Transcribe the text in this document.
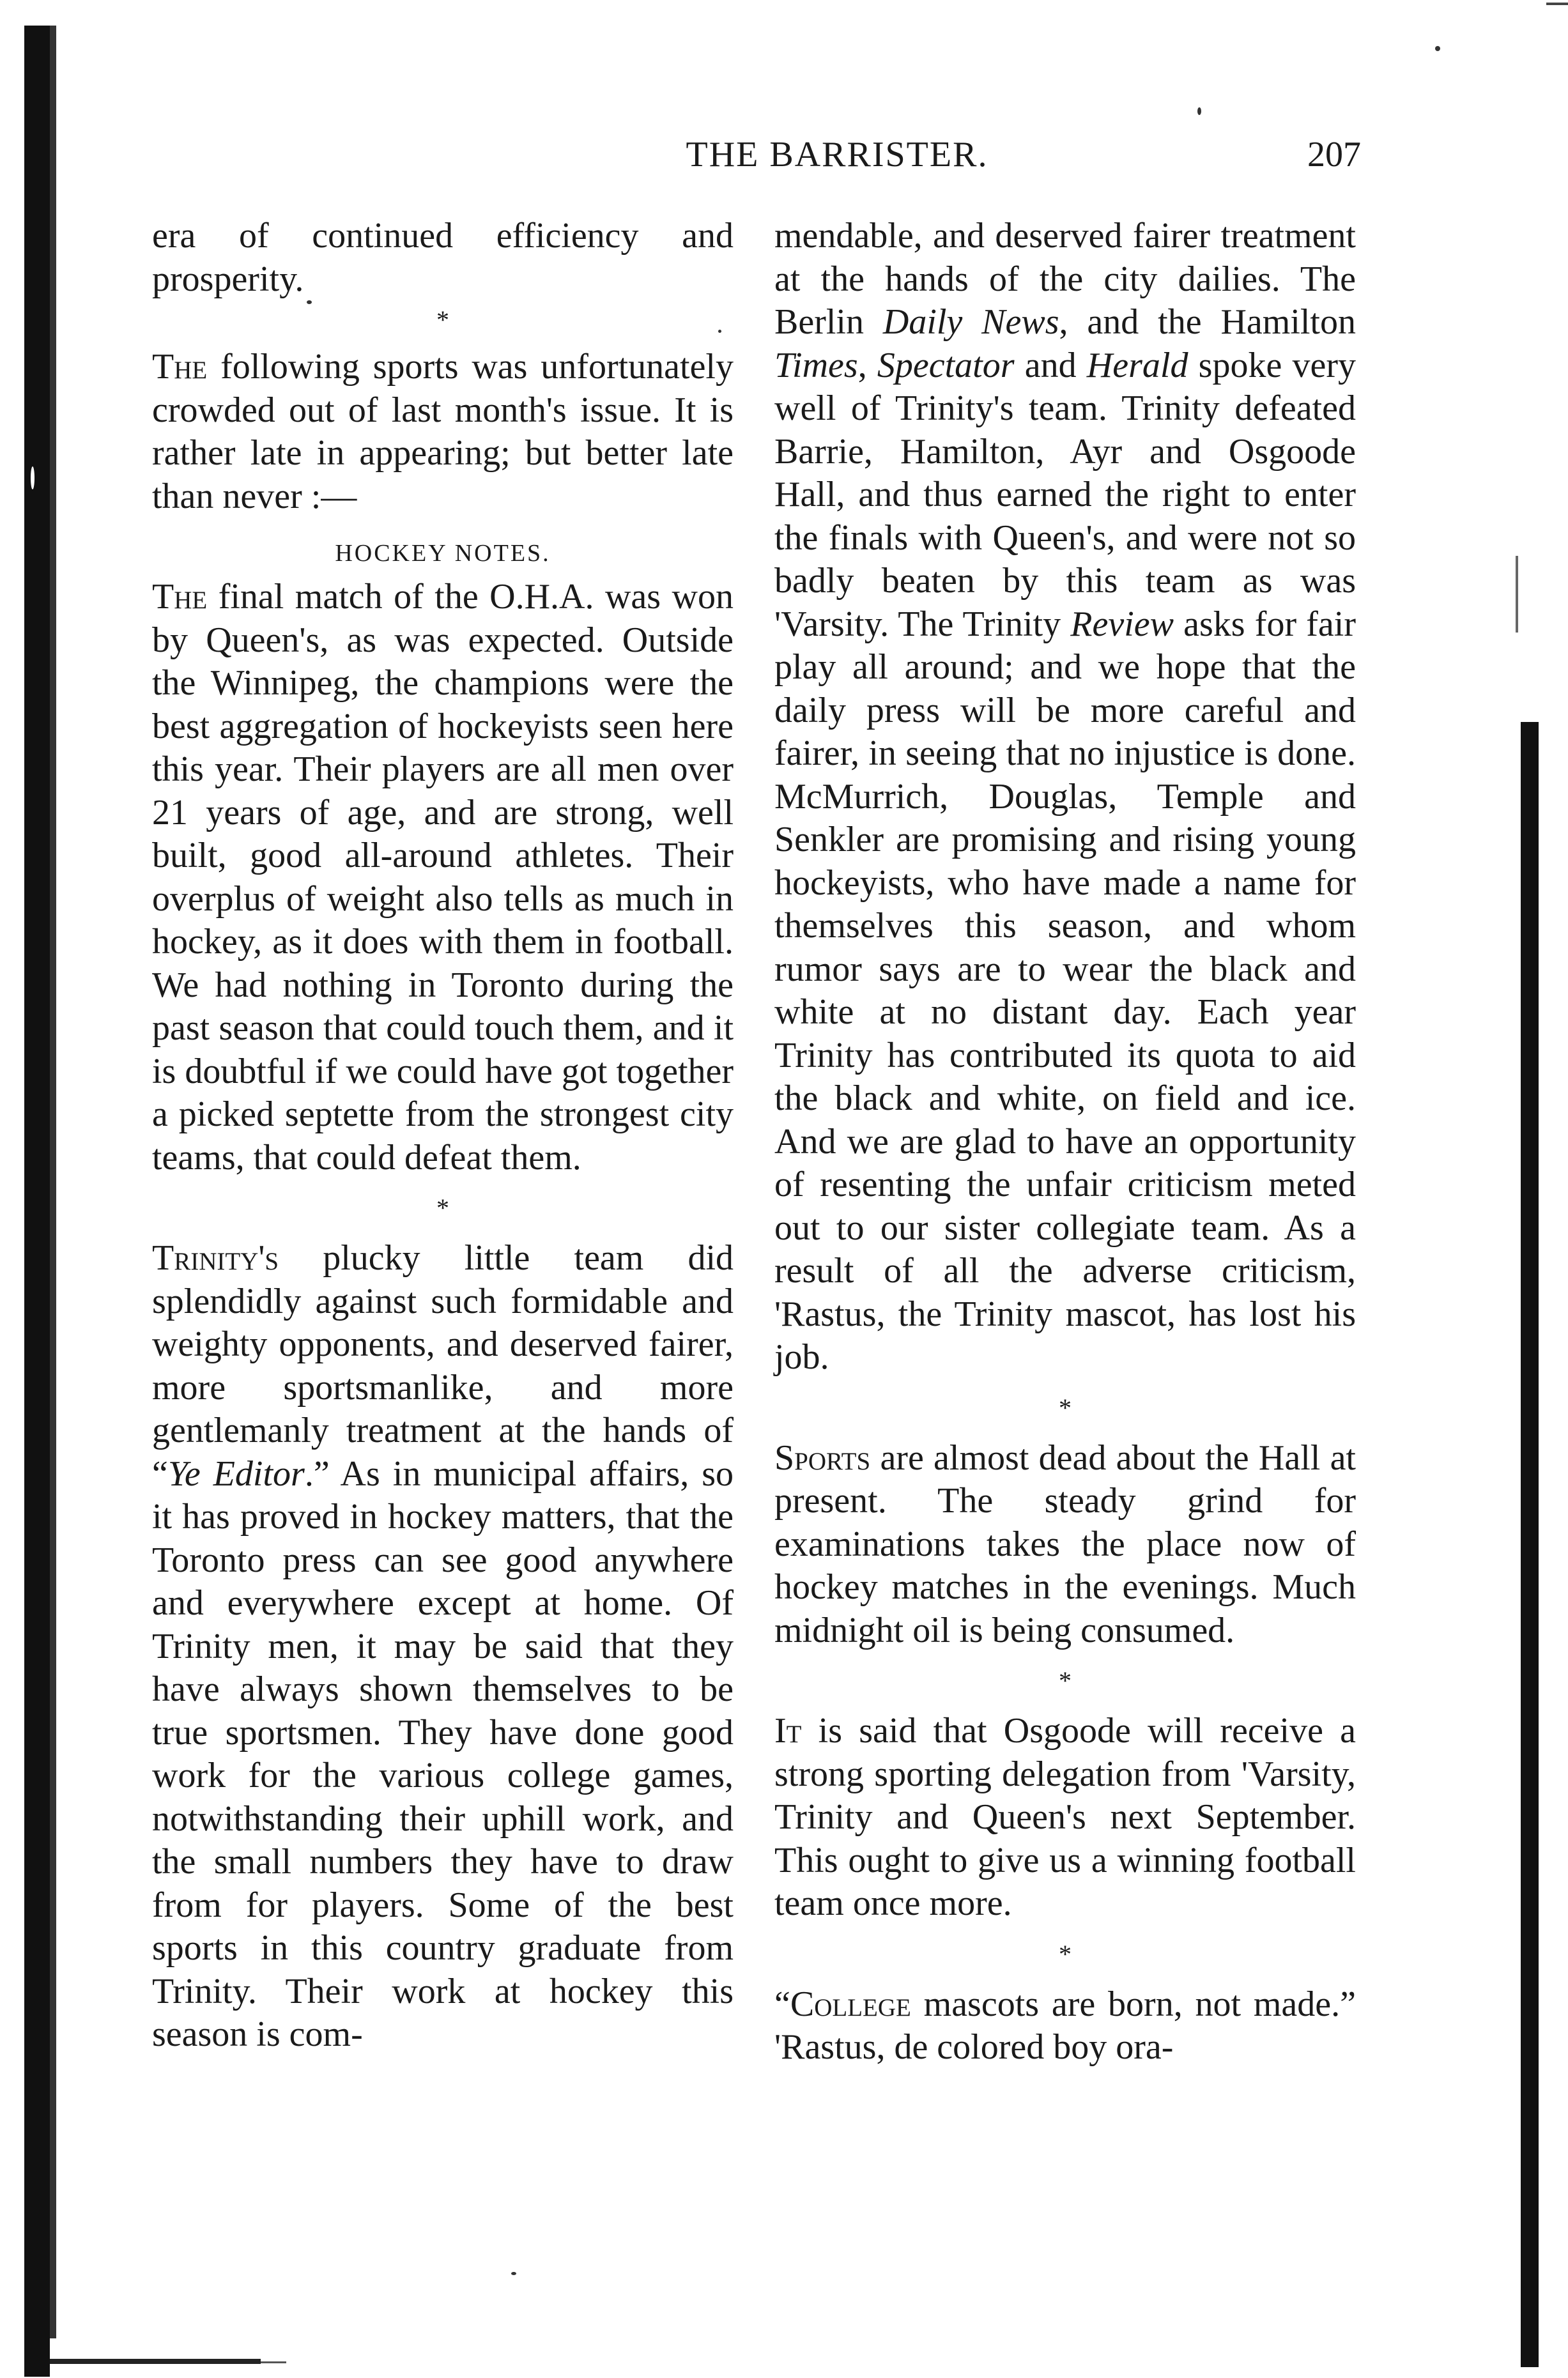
THE BARRISTER.	207

era of continued efficiency and prosperity.

*

The following sports was unfortunately crowded out of last month's issue. It is rather late in appearing; but better late than never :—

HOCKEY NOTES.

The final match of the O.H.A. was won by Queen's, as was expected. Outside the Winnipeg, the champions were the best aggregation of hockeyists seen here this year. Their players are all men over 21 years of age, and are strong, well built, good all-around athletes. Their overplus of weight also tells as much in hockey, as it does with them in football. We had nothing in Toronto during the past season that could touch them, and it is doubtful if we could have got together a picked septette from the strongest city teams, that could defeat them.

*

Trinity's plucky little team did splendidly against such formidable and weighty opponents, and deserved fairer, more sportsmanlike, and more gentlemanly treatment at the hands of “Ye Editor.” As in municipal affairs, so it has proved in hockey matters, that the Toronto press can see good anywhere and everywhere except at home. Of Trinity men, it may be said that they have always shown themselves to be true sportsmen. They have done good work for the various college games, notwithstanding their uphill work, and the small numbers they have to draw from for players. Some of the best sports in this country graduate from Trinity. Their work at hockey this season is com-

mendable, and deserved fairer treatment at the hands of the city dailies. The Berlin Daily News, and the Hamilton Times, Spectator and Herald spoke very well of Trinity's team. Trinity defeated Barrie, Hamilton, Ayr and Osgoode Hall, and thus earned the right to enter the finals with Queen's, and were not so badly beaten by this team as was 'Varsity. The Trinity Review asks for fair play all around; and we hope that the daily press will be more careful and fairer, in seeing that no injustice is done. McMurrich, Douglas, Temple and Senkler are promising and rising young hockeyists, who have made a name for themselves this season, and whom rumor says are to wear the black and white at no distant day. Each year Trinity has contributed its quota to aid the black and white, on field and ice. And we are glad to have an opportunity of resenting the unfair criticism meted out to our sister collegiate team. As a result of all the adverse criticism, 'Rastus, the Trinity mascot, has lost his job.

*

Sports are almost dead about the Hall at present. The steady grind for examinations takes the place now of hockey matches in the evenings. Much midnight oil is being consumed.

*

It is said that Osgoode will receive a strong sporting delegation from 'Varsity, Trinity and Queen's next September. This ought to give us a winning football team once more.

*

“College mascots are born, not made.” 'Rastus, de colored boy ora-
